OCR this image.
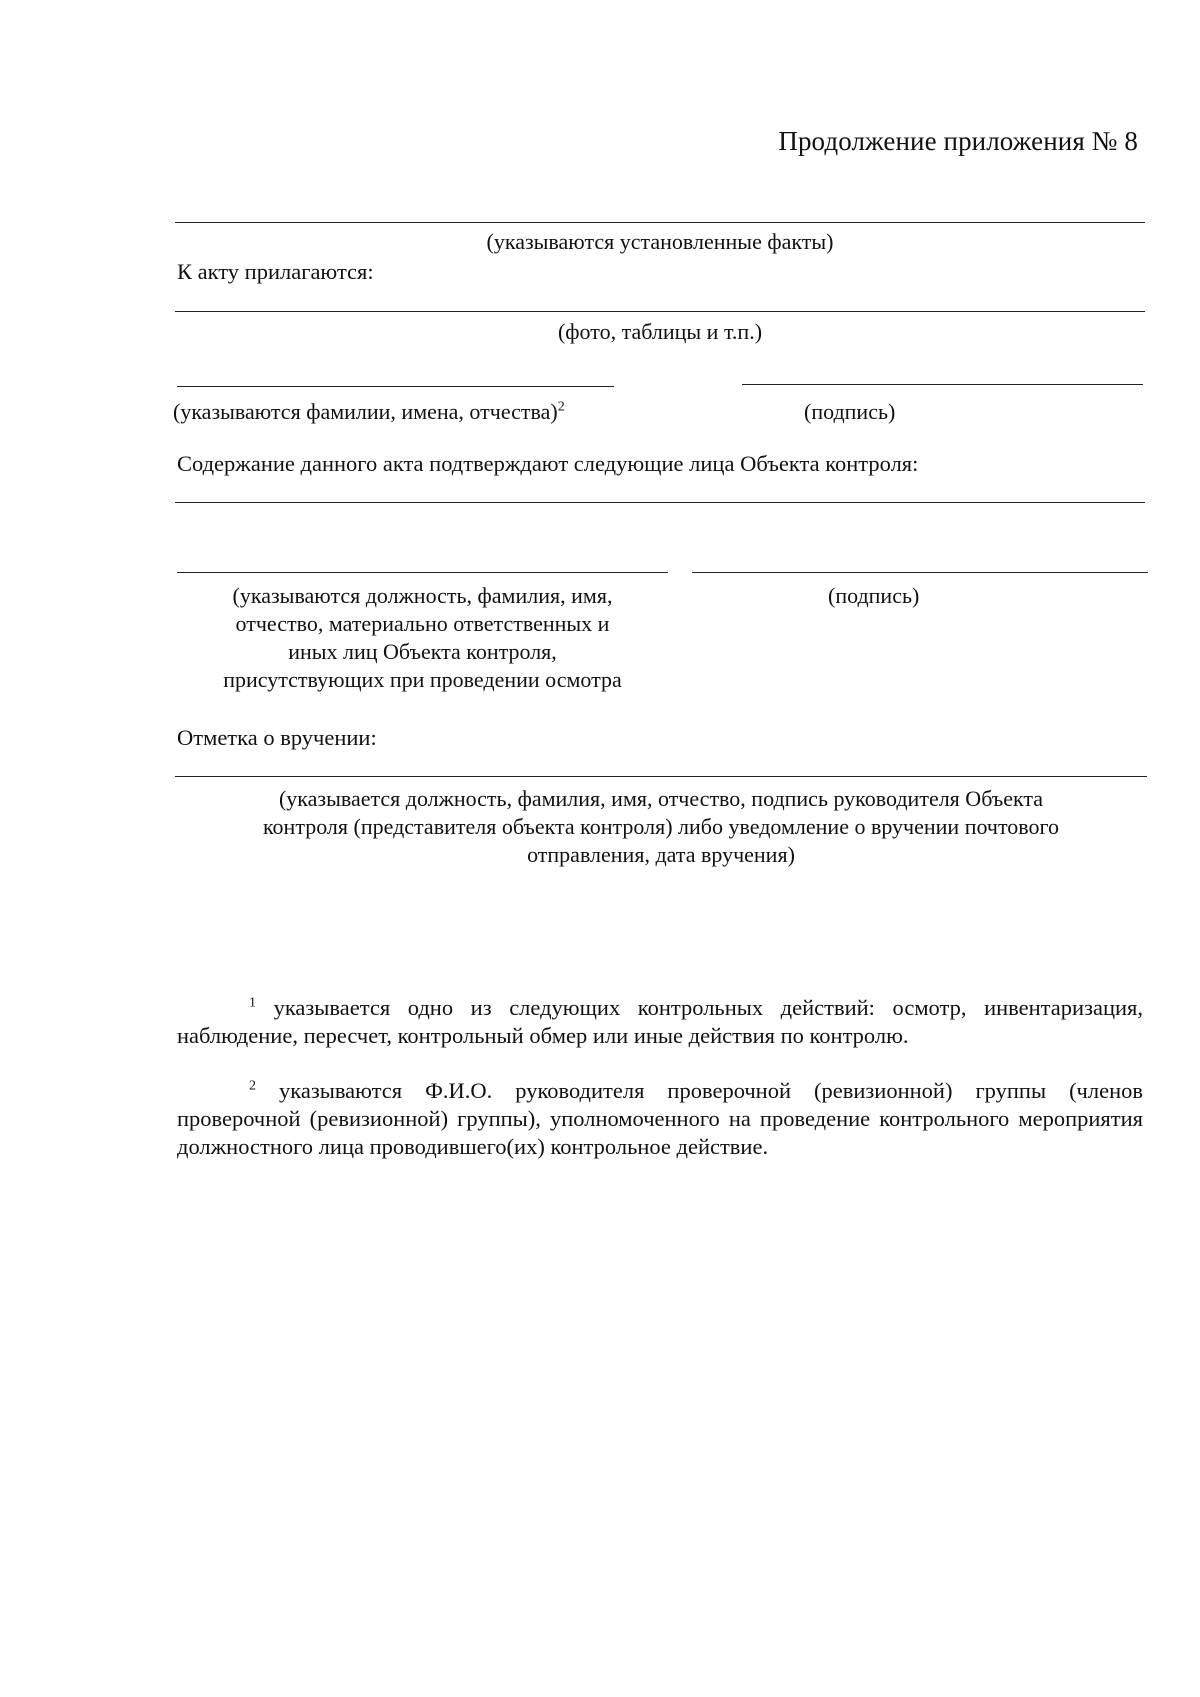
Продолжение приложения № 8
(указываются установленные факты)
К акту прилагаются:
(фото, таблицы и т.п.)
(указываются фамилии, имена, отчества)$^2$	(подпись)
Содержание данного акта подтверждают следующие лица Объекта контроля:
(указываются должность, фамилия, имя,
отчество, материально ответственных и
иных лиц Объекта контроля,
присутствующих при проведении осмотра
(подпись)
Отметка о вручении:
(указывается должность, фамилия, имя, отчество, подпись руководителя Объекта
контроля (представителя объекта контроля) либо уведомление о вручении почтового
отправления, дата вручения)
$^1$ указывается одно из следующих контрольных действий: осмотр, инвентаризация, наблюдение, пересчет, контрольный обмер или иные действия по контролю.
$^2$ указываются Ф.И.О. руководителя проверочной (ревизионной) группы (членов проверочной (ревизионной) группы), уполномоченного на проведение контрольного мероприятия должностного лица проводившего(их) контрольное действие.
